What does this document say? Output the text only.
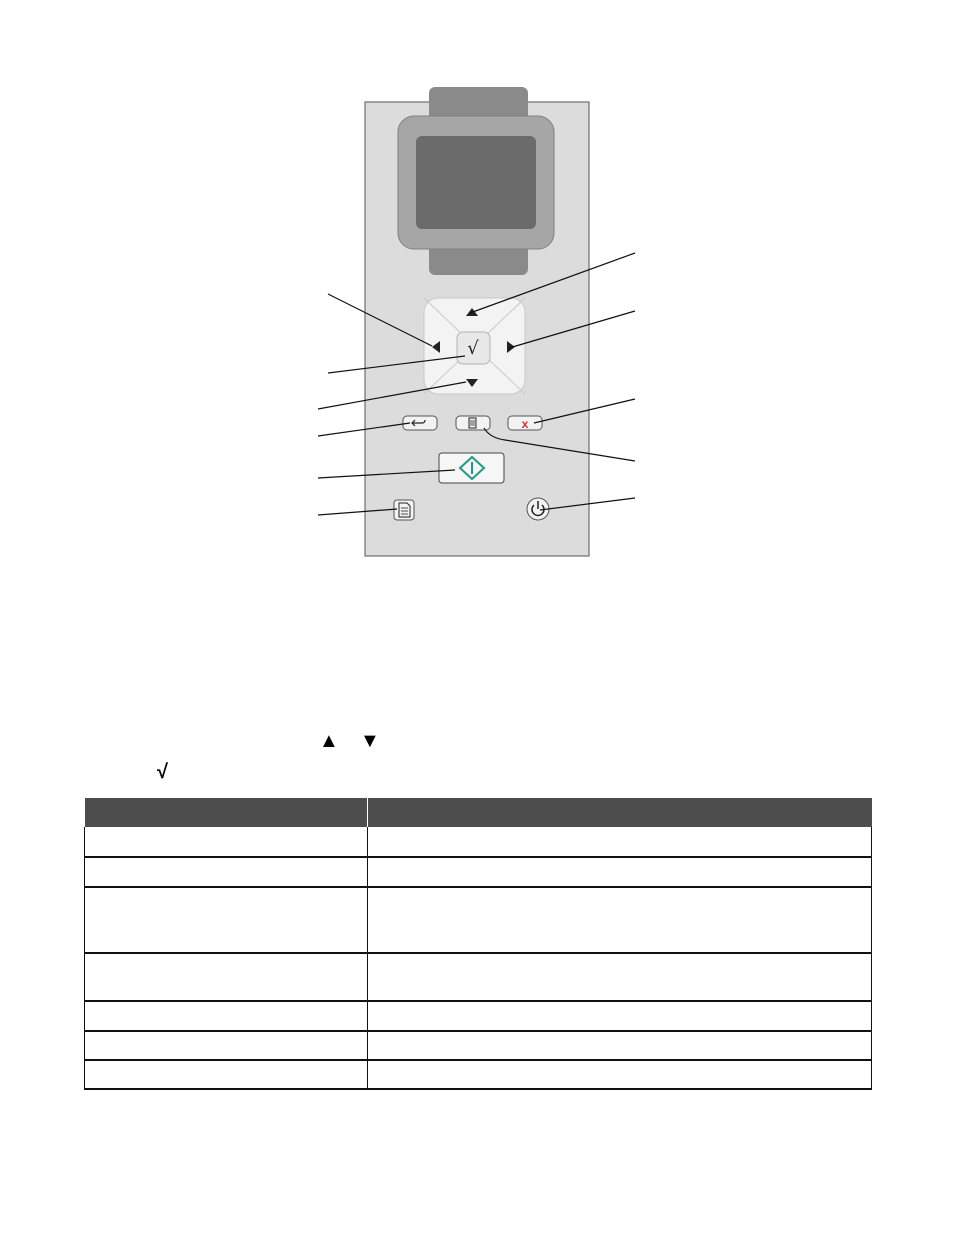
√
x
▲ ▼
√
